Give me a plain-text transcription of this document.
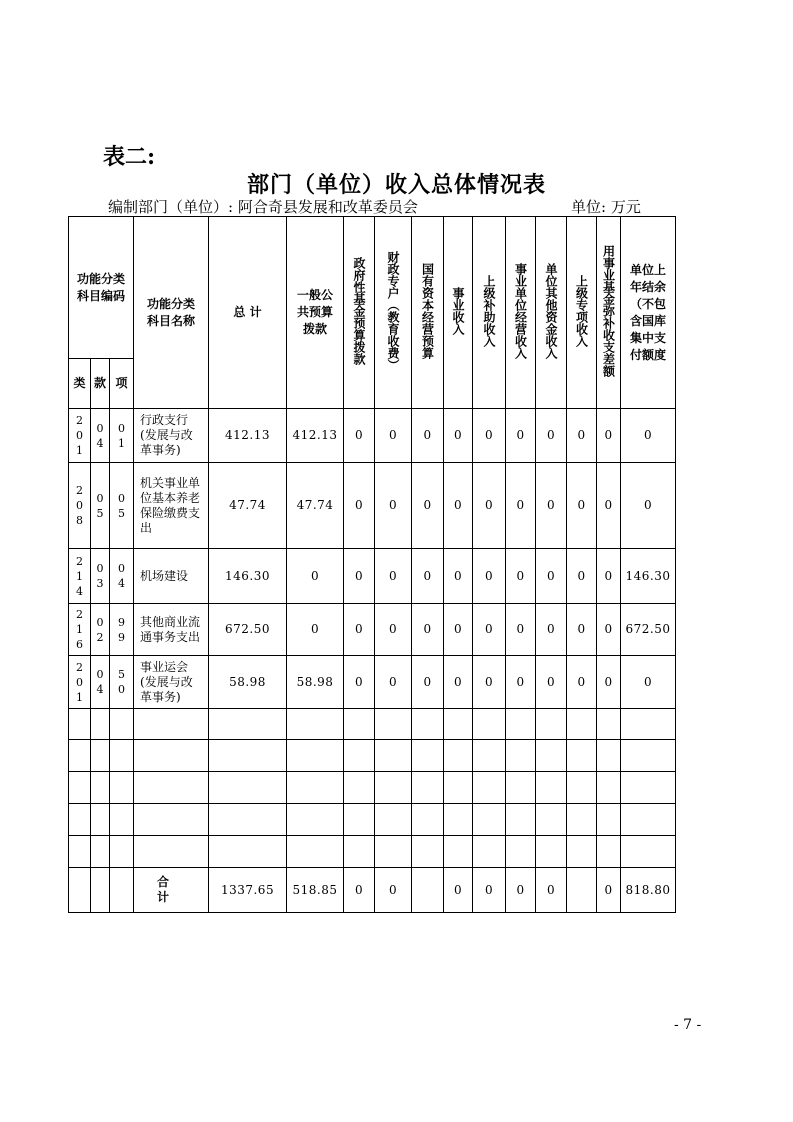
表二:
部门（单位）收入总体情况表
编制部门（单位）: 阿合奇县发展和改革委员会	单位: 万元
功能分类科目编码			功能分类科目名称	总 计	一般公共预算拨款	政府性基金预算拨款	财政专户（教育收费）	国有资本经营预算	事业收入	上级补助收入	事业单位经营收入	单位其他资金收入	上级专项收入	用事业基金弥补收支差额	单位上年结余（不包含国库集中支付额度
类	款	项													
201	04	01	行政支行(发展与改革事务)	412.13	412.13	0	0	0	0	0	0	0	0	0	0
208	05	05	机关事业单位基本养老保险缴费支出	47.74	47.74	0	0	0	0	0	0	0	0	0	0
214	03	04	机场建设	146.30	0	0	0	0	0	0	0	0	0	0	146.30
216	02	99	其他商业流通事务支出	672.50	0	0	0	0	0	0	0	0	0	0	672.50
201	04	50	事业运会(发展与改革事务)	58.98	58.98	0	0	0	0	0	0	0	0	0	0

			合 计	1337.65	518.85	0	0		0	0	0	0		0	818.80
- 7 -
